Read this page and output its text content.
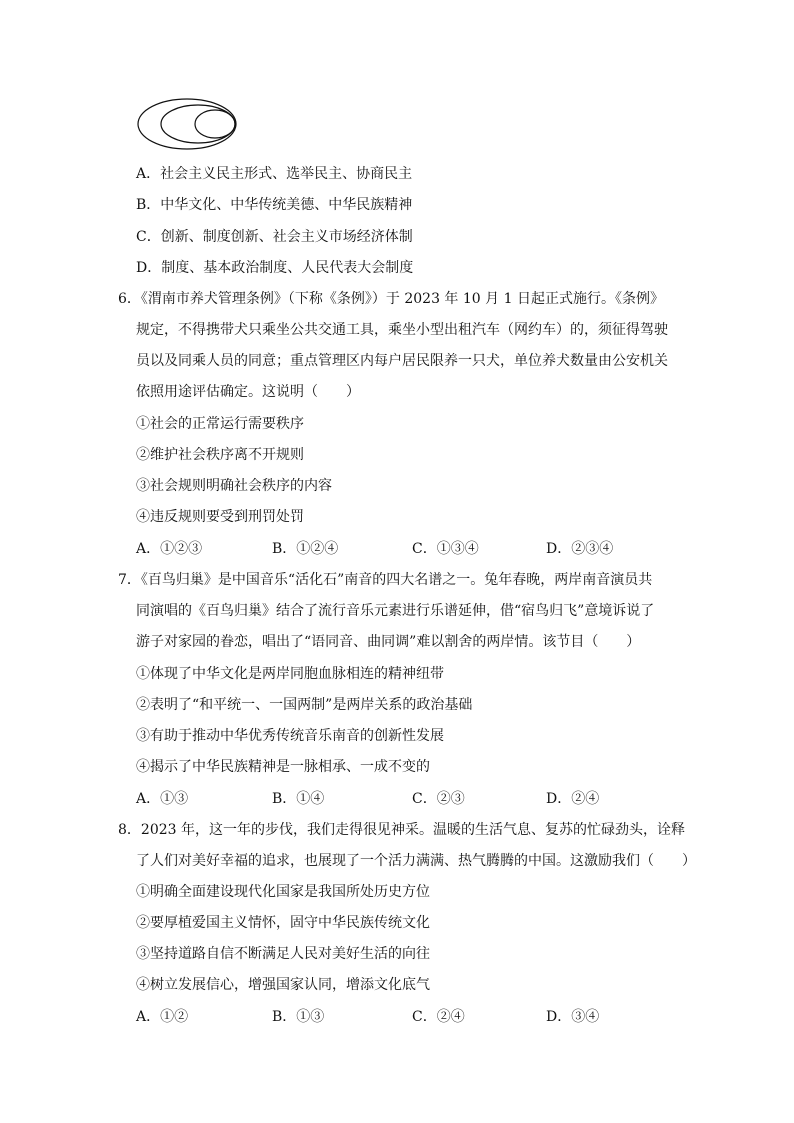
A．社会主义民主形式、选举民主、协商民主
B．中华文化、中华传统美德、中华民族精神
C．创新、制度创新、社会主义市场经济体制
D．制度、基本政治制度、人民代表大会制度
6．《渭南市养犬管理条例》（下称《条例》）于 2023 年 10 月 1 日起正式施行。《条例》
规定，不得携带犬只乘坐公共交通工具，乘坐小型出租汽车（网约车）的，须征得驾驶
员以及同乘人员的同意；重点管理区内每户居民限养一只犬，单位养犬数量由公安机关
依照用途评估确定。这说明（　　）
①社会的正常运行需要秩序
②维护社会秩序离不开规则
③社会规则明确社会秩序的内容
④违反规则要受到刑罚处罚
A．①②③	B．①②④	C．①③④	D．②③④
7．《百鸟归巢》是中国音乐“活化石”南音的四大名谱之一。兔年春晚，两岸南音演员共
同演唱的《百鸟归巢》结合了流行音乐元素进行乐谱延伸，借“宿鸟归飞”意境诉说了
游子对家园的眷恋，唱出了“语同音、曲同调”难以割舍的两岸情。该节目（　　）
①体现了中华文化是两岸同胞血脉相连的精神纽带
②表明了“和平统一、一国两制”是两岸关系的政治基础
③有助于推动中华优秀传统音乐南音的创新性发展
④揭示了中华民族精神是一脉相承、一成不变的
A．①③	B．①④	C．②③	D．②④
8．2023 年，这一年的步伐，我们走得很见神采。温暖的生活气息、复苏的忙碌劲头，诠释
了人们对美好幸福的追求，也展现了一个活力满满、热气腾腾的中国。这激励我们（　　）
①明确全面建设现代化国家是我国所处历史方位
②要厚植爱国主义情怀，固守中华民族传统文化
③坚持道路自信不断满足人民对美好生活的向往
④树立发展信心，增强国家认同，增添文化底气
A．①②	B．①③	C．②④	D．③④
